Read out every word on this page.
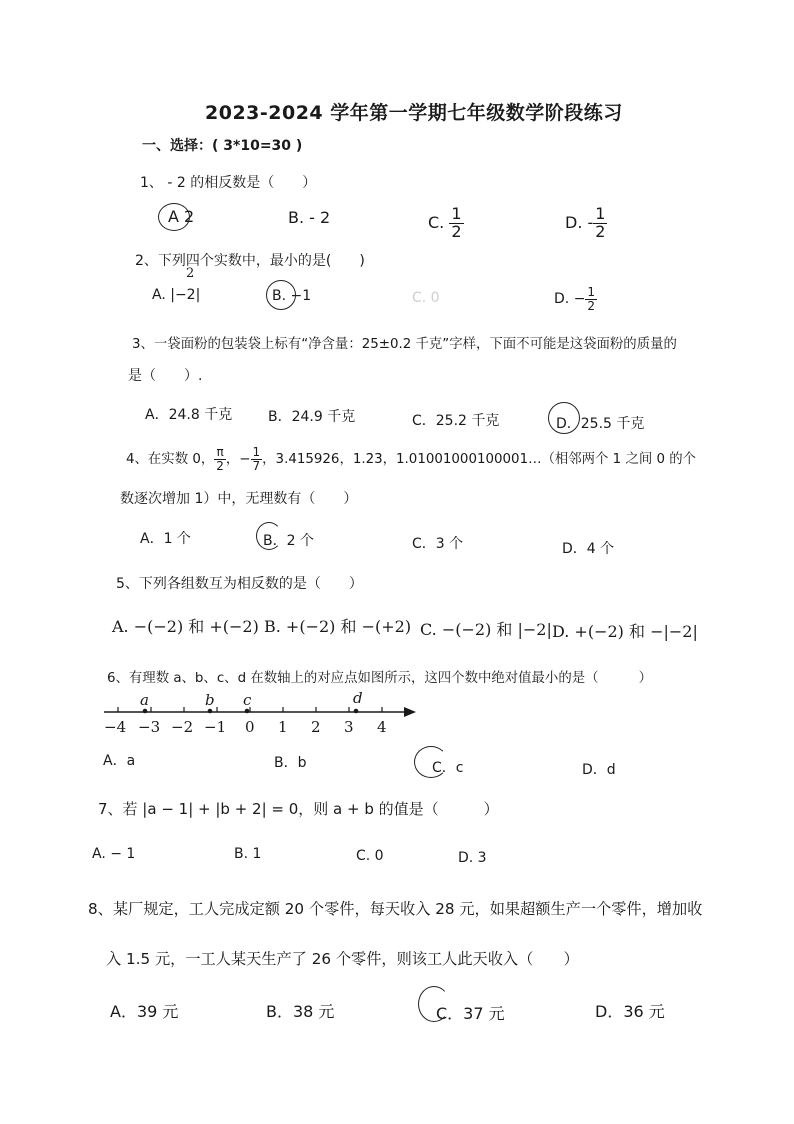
2023-2024 学年第一学期七年级数学阶段练习
一、选择：( 3*10=30 )
1、 - 2 的相反数是（　　）
A 2	B. - 2	C. $\frac{1}{2}$	D. - $\frac{1}{2}$
2、下列四个实数中，最小的是(　　)
2
A. |−2|	B. −1	C. 0	D. − $\frac{1}{2}$
3、一袋面粉的包装袋上标有“净含量：25±0.2 千克”字样，下面不可能是这袋面粉的质量的
是（　　）.
A．24.8 千克	B．24.9 千克	C．25.2 千克	D．25.5 千克
4、在实数 0， $\frac{\pi}{2}$ ，− $\frac{1}{7}$ ，3.415926，1.2̇3̇，1.01001000100001…（相邻两个 1 之间 0 的个
数逐次增加 1）中，无理数有（　　）
A．1 个	B．2 个	C．3 个	D．4 个
5、下列各组数互为相反数的是（　　）
A. −(−2) 和 +(−2) B. +(−2) 和 −(+2) C. −(−2) 和 |−2| D. +(−2) 和 −|−2|
6、有理数 a、b、c、d 在数轴上的对应点如图所示，这四个数中绝对值最小的是（　　　）
a	b c	d
−4 −3 −2 −1 0 1 2 3 4
A．a	B．b	C．c	D．d
7、若 |a − 1| + |b + 2| = 0，则 a + b 的值是（　　　）
A. − 1	B. 1	C. 0	D. 3
8、某厂规定，工人完成定额 20 个零件，每天收入 28 元，如果超额生产一个零件，增加收
入 1.5 元，一工人某天生产了 26 个零件，则该工人此天收入（　　）
A．39 元	B．38 元	C．37 元	D．36 元
